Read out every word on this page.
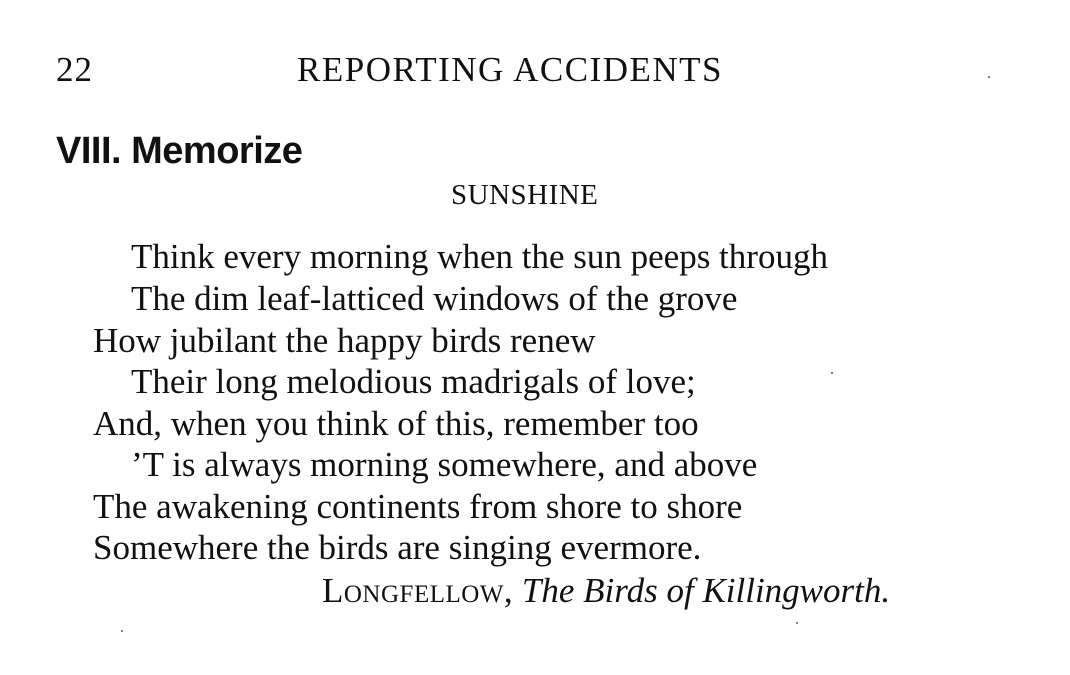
22	REPORTING ACCIDENTS
VIII. Memorize
SUNSHINE
Think every morning when the sun peeps through
The dim leaf-latticed windows of the grove
How jubilant the happy birds renew
Their long melodious madrigals of love;
And, when you think of this, remember too
’T is always morning somewhere, and above
The awakening continents from shore to shore
Somewhere the birds are singing evermore.
Longfellow, The Birds of Killingworth.
